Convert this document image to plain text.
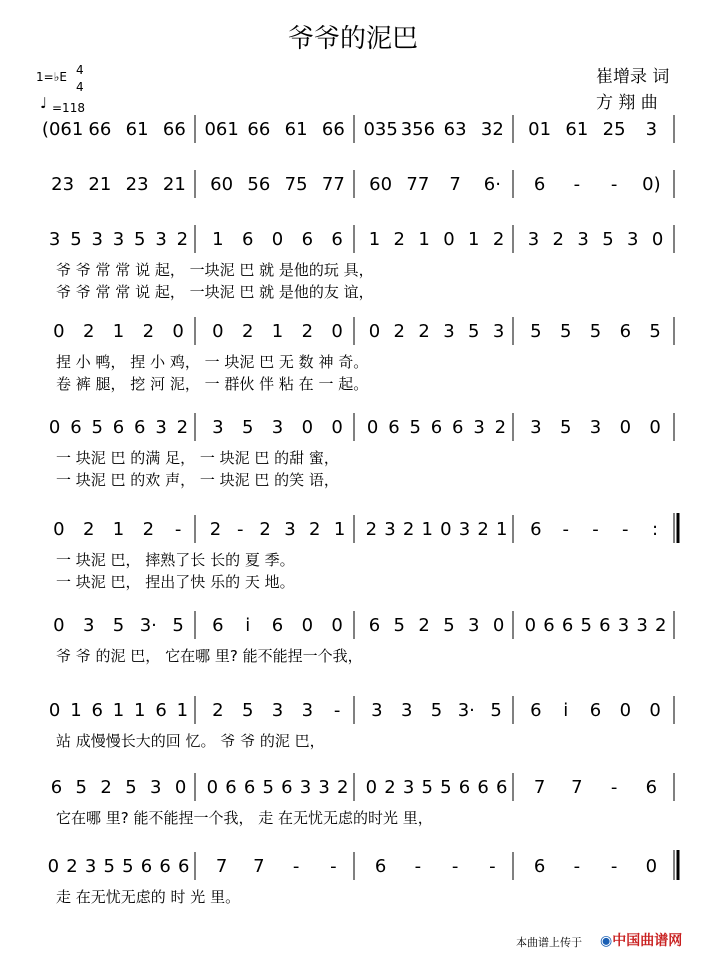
爷爷的泥巴
崔增录 词
方 翔 曲
1=♭E 4
4
♩ =118
(061 66 61 66 061 66 61 66 035 356 63 32 01 61 25 3
23 21 23 21 60 56 75 77 60 77 7 6· 6 - - 0)
3 5 3 3 5 3 2 1 6 0 6 6 1 2 1 0 1 2 3 2 3 5 3 0
爷 爷 常 常 说 起， 一块泥 巴 就 是他的玩 具，
爷 爷 常 常 说 起， 一块泥 巴 就 是他的友 谊，
0 2 1 2 0 0 2 1 2 0 0 2 2 3 5 3 5 5 5 6 5
捏 小 鸭， 捏 小 鸡， 一 块泥 巴 无 数 神 奇。
卷 裤 腿， 挖 河 泥， 一 群伙 伴 粘 在 一 起。
0 6 5 6 6 3 2 3 5 3 0 0 0 6 5 6 6 3 2 3 5 3 0 0
一 块泥 巴 的满 足， 一 块泥 巴 的甜 蜜，
一 块泥 巴 的欢 声， 一 块泥 巴 的笑 语，
0 2 1 2 - 2 - 2 3 2 1 2 3 2 1 0 3 2 1 6 - - - :
一 块泥 巴， 摔熟了长 长的 夏 季。
一 块泥 巴， 捏出了快 乐的 天 地。
0 3 5 3· 5 6 i 6 0 0 6 5 2 5 3 0 0 6 6 5 6 3 3 2
爷 爷 的泥 巴， 它在哪 里? 能不能捏一个我，
0 1 6 1 1 6 1 2 5 3 3 - 3 3 5 3· 5 6 i 6 0 0
站 成慢慢长大的回 忆。 爷 爷 的泥 巴，
6 5 2 5 3 0 0 6 6 5 6 3 3 2 0 2 3 5 5 6 6 6 7 7 - 6
它在哪 里? 能不能捏一个我， 走 在无忧无虑的时光 里，
0 2 3 5 5 6 6 6 7 7 - - 6 - - - 6 - - 0
走 在无忧无虑的 时 光 里。
本曲谱上传于 ◉中国曲谱网
